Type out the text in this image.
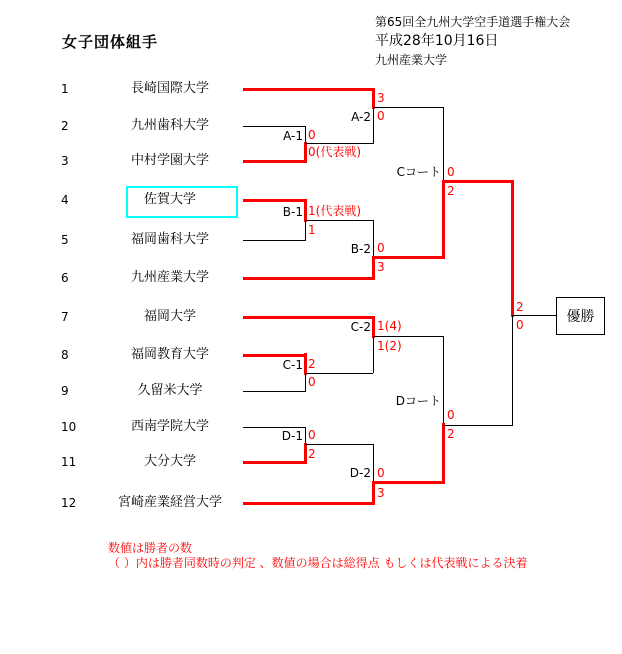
女子団体組手
第65回全九州大学空手道選手権大会
平成28年10月16日
九州産業大学
1	長崎国際大学
2	九州歯科大学
3	中村学園大学
4	佐賀大学
5	福岡歯科大学
6	九州産業大学
7	福岡大学
8	福岡教育大学
9	久留米大学
10	西南学院大学
11	大分大学
12	宮崎産業経営大学
A-1
B-1
C-1
D-1
A-2
B-2
C-2
D-2
Cコート
Dコート
0
0(代表戦)
3
0
1(代表戦)
1
0
3
0
2
2
0
1(4)
1(2)
0
2
0
3
0
2
2
0	優勝
数値は勝者の数
（ ）内は勝者同数時の判定 、数値の場合は総得点 もしくは代表戦による決着
